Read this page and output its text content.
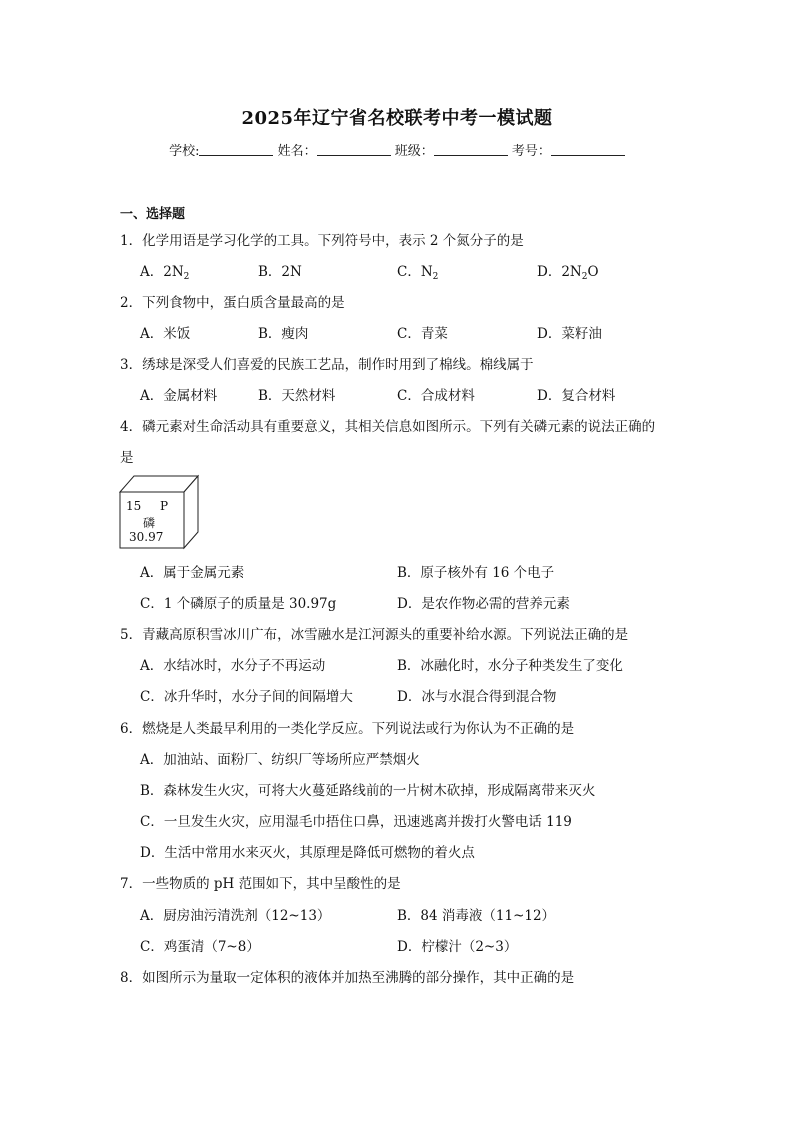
2025年辽宁省名校联考中考一模试题
学校:	姓名：	班级：	考号：
一、选择题
1．化学用语是学习化学的工具。下列符号中，表示 2 个氮分子的是
A．$2N_2$	B．2N	C．$N_2$	D．$2N_2O$
2．下列食物中，蛋白质含量最高的是
A．米饭	B．瘦肉	C．青菜	D．菜籽油
3．绣球是深受人们喜爱的民族工艺品，制作时用到了棉线。棉线属于
A．金属材料	B．天然材料	C．合成材料	D．复合材料
4．磷元素对生命活动具有重要意义，其相关信息如图所示。下列有关磷元素的说法正确的
是
15 P
磷
30.97
A．属于金属元素	B．原子核外有 16 个电子
C．1 个磷原子的质量是 30.97g	D．是农作物必需的营养元素
5．青藏高原积雪冰川广布，冰雪融水是江河源头的重要补给水源。下列说法正确的是
A．水结冰时，水分子不再运动	B．冰融化时，水分子种类发生了变化
C．冰升华时，水分子间的间隔增大	D．冰与水混合得到混合物
6．燃烧是人类最早利用的一类化学反应。下列说法或行为你认为不正确的是
A．加油站、面粉厂、纺织厂等场所应严禁烟火
B．森林发生火灾，可将大火蔓延路线前的一片树木砍掉，形成隔离带来灭火
C．一旦发生火灾，应用湿毛巾捂住口鼻，迅速逃离并拨打火警电话 119
D．生活中常用水来灭火，其原理是降低可燃物的着火点
7．一些物质的 pH 范围如下，其中呈酸性的是
A．厨房油污清洗剂（12~13）	B．84 消毒液（11~12）
C．鸡蛋清（7~8）	D．柠檬汁（2~3）
8．如图所示为量取一定体积的液体并加热至沸腾的部分操作，其中正确的是
